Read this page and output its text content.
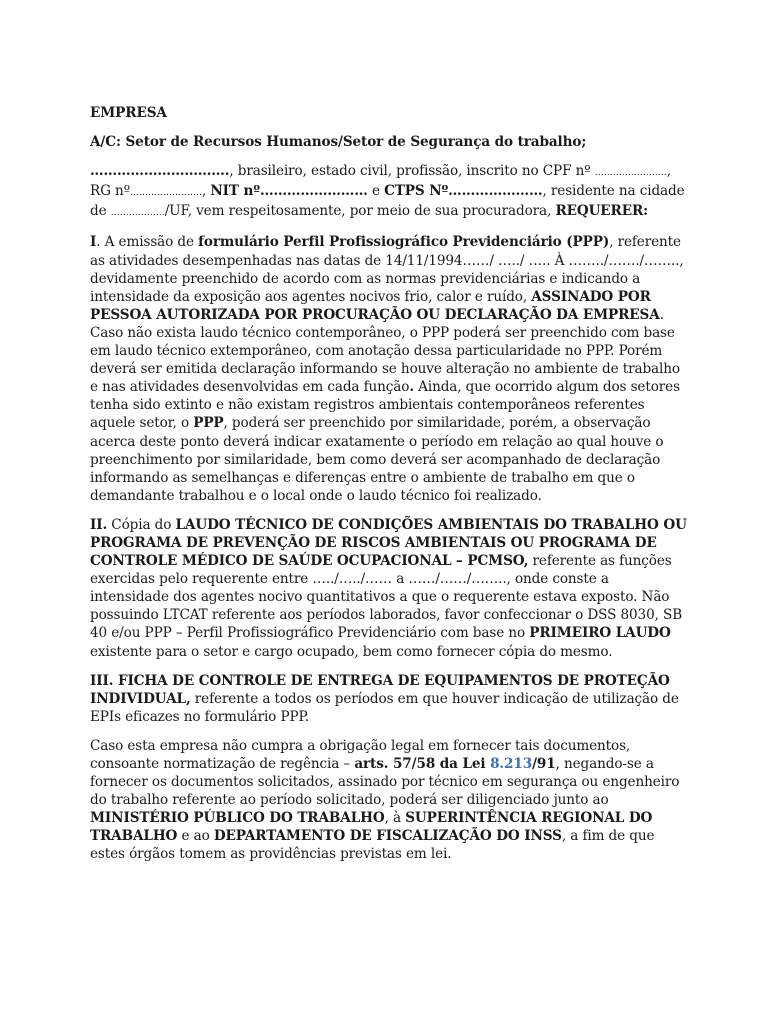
EMPRESA

A/C: Setor de Recursos Humanos/Setor de Segurança do trabalho;

…………………………., brasileiro, estado civil, profissão, inscrito no CPF nº ……………………, RG nº……………………, NIT nº…………………… e CTPS Nº…………………, residente na cidade de ………………/UF, vem respeitosamente, por meio de sua procuradora, REQUERER:

I. A emissão de formulário Perfil Profissiográfico Previdenciário (PPP), referente as atividades desempenhadas nas datas de 14/11/1994……/ …../ ….. À ……../……./…….., devidamente preenchido de acordo com as normas previdenciárias e indicando a intensidade da exposição aos agentes nocivos frio, calor e ruído, ASSINADO POR PESSOA AUTORIZADA POR PROCURAÇÃO OU DECLARAÇÃO DA EMPRESA. Caso não exista laudo técnico contemporâneo, o PPP poderá ser preenchido com base em laudo técnico extemporâneo, com anotação dessa particularidade no PPP. Porém deverá ser emitida declaração informando se houve alteração no ambiente de trabalho e nas atividades desenvolvidas em cada função. Ainda, que ocorrido algum dos setores tenha sido extinto e não existam registros ambientais contemporâneos referentes aquele setor, o PPP, poderá ser preenchido por similaridade, porém, a observação acerca deste ponto deverá indicar exatamente o período em relação ao qual houve o preenchimento por similaridade, bem como deverá ser acompanhado de declaração informando as semelhanças e diferenças entre o ambiente de trabalho em que o demandante trabalhou e o local onde o laudo técnico foi realizado.

II. Cópia do LAUDO TÉCNICO DE CONDIÇÕES AMBIENTAIS DO TRABALHO OU PROGRAMA DE PREVENÇÃO DE RISCOS AMBIENTAIS OU PROGRAMA DE CONTROLE MÉDICO DE SAÚDE OCUPACIONAL – PCMSO, referente as funções exercidas pelo requerente entre …../…../…… a ……/……/…….., onde conste a intensidade dos agentes nocivo quantitativos a que o requerente estava exposto. Não possuindo LTCAT referente aos períodos laborados, favor confeccionar o DSS 8030, SB 40 e/ou PPP – Perfil Profissiográfico Previdenciário com base no PRIMEIRO LAUDO existente para o setor e cargo ocupado, bem como fornecer cópia do mesmo.

III. FICHA DE CONTROLE DE ENTREGA DE EQUIPAMENTOS DE PROTEÇÃO INDIVIDUAL, referente a todos os períodos em que houver indicação de utilização de EPIs eficazes no formulário PPP.

Caso esta empresa não cumpra a obrigação legal em fornecer tais documentos, consoante normatização de regência – arts. 57/58 da Lei 8.213/91, negando-se a fornecer os documentos solicitados, assinado por técnico em segurança ou engenheiro do trabalho referente ao período solicitado, poderá ser diligenciado junto ao MINISTÉRIO PÚBLICO DO TRABALHO, à SUPERINTÊNCIA REGIONAL DO TRABALHO e ao DEPARTAMENTO DE FISCALIZAÇÃO DO INSS, a fim de que estes órgãos tomem as providências previstas em lei.
